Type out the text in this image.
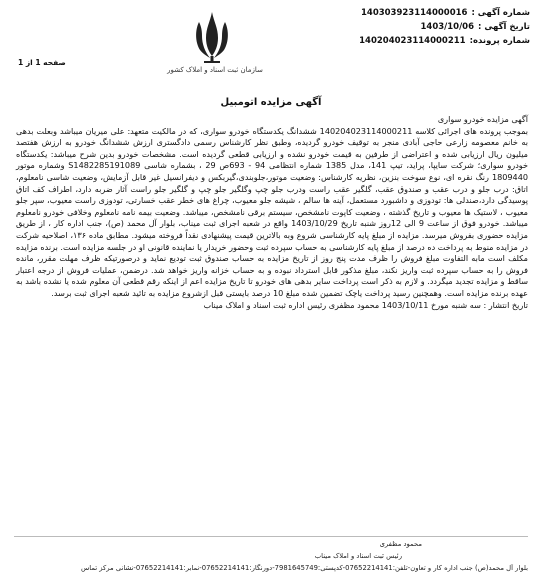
شماره آگهی :
140303923114000016
تاریخ آگهی :
1403/10/06
شماره پرونده:
140204023114000211
سازمان ثبت اسناد و املاک کشور
صفحه 1 از 1
آگهی مزایده اتومبیل

آگهی مزایده خودرو سواری

بموجب پرونده های اجرائی کلاسه 140204023114000211 ششدانگ یکدستگاه خودرو سواری، که در مالکیت متعهد: علی میریان میباشد وبعلت بدهی به خانم معصومه زارعی حاجی آبادی منجر به توقیف خودرو گردیده، وطبق نظر کارشناس رسمی دادگستری ارزش ششدانگ خودرو به ارزش هفتصد میلیون ریال ارزیابی شده و اعتراضی از طرفین به قیمت خودرو نشده و ارزیابی قطعی گردیده است. مشخصات خودرو بدین شرح میباشد: یکدستگاه خودرو سواری؛ شرکت سایپا، پراید، تیپ 141، مدل 1385 شماره انتظامی 94 - 693ص 29 ، بشماره شاسی S1482285191089 وشماره موتور 1809440 رنگ نقره ای، نوع سوخت بنزین، نظریه کارشناس: وضعیت موتور،جلوبندی،گیربکس و دیفرانسیل غیر قابل آزمایش، وضعیت شاسی نامعلوم، اتاق: درب جلو و درب عقب و صندوق عقب، گلگیر عقب راست ودرب جلو چپ وگلگیر جلو چپ و گلگیر جلو راست آثار ضربه دارد، اطراف کف اتاق پوسیدگی دارد،صندلی ها: تودوزی و داشبورد مستعمل، آینه ها سالم ، شیشه جلو معیوب، چراغ های خطر عقب خسارتی، تودوزی راست معیوب، سپر جلو معیوب ، لاستیک ها معیوب و تاریخ گذشته ، وضعیت کاپوت نامشخص، سیستم برقی نامشخص، میباشد. وضعیت بیمه نامه نامعلوم وخلافی خودرو نامعلوم میباشد. خودرو فوق از ساعت 9 الی 12روز شنبه تاریخ 1403/10/29 واقع در شعبه اجرای ثبت میناب، بلوار آل محمد (ص)، جنب اداره کار ، از طریق مزایده حضوری بفروش میرسد. مزایده از مبلغ پایه کارشناسی شروع وبه بالاترین قیمت پیشنهادی نقداً فروخته میشود. مطابق ماده ۱۳۶، اصلاحیه شرکت در مزایده منوط به پرداخت ده درصد از مبلغ پایه کارشناسی به حساب سپرده ثبت وحضور خریدار یا نماینده قانونی او در جلسه مزایده است. برنده مزایده مکلف است مابه التفاوت مبلغ فروش را ظرف مدت پنج روز از تاریخ مزایده به حساب صندوق ثبت تودیع نماید و درصورتیکه ظرف مهلت مقرر، مانده فروش را به حساب سپرده ثبت واریز نکند، مبلغ مذکور قابل استرداد نبوده و به حساب خزانه واریز خواهد شد. درضمن، عملیات فروش از درجه اعتبار ساقط و مزایده تجدید میگردد. و لازم به ذکر است پرداخت سایر بدهی های خودرو تا تاریخ مزایده اعم از اینکه رقم قطعی آن معلوم شده یا نشده باشد به عهده برنده مزایده است. وهمچنین رسید پرداخت یاچک تضمین شده مبلغ 10 درصد بایستی قبل ازشروع مزایده به تائید شعبه اجرای ثبت برسد.

تاریخ انتشار : سه شنبه مورخ 1403/10/11 محمود مظفری رئیس اداره ثبت اسناد و املاک میناب

محمود مظفری
رئیس ثبت اسناد و املاک میناب
بلوار آل محمد(ص) جنب اداره کار و تعاون-تلفن:07652214141-کدپستی:7981645749-دورنگار:07652214141-نمابر:07652214141-نشانی مرکز تماس
